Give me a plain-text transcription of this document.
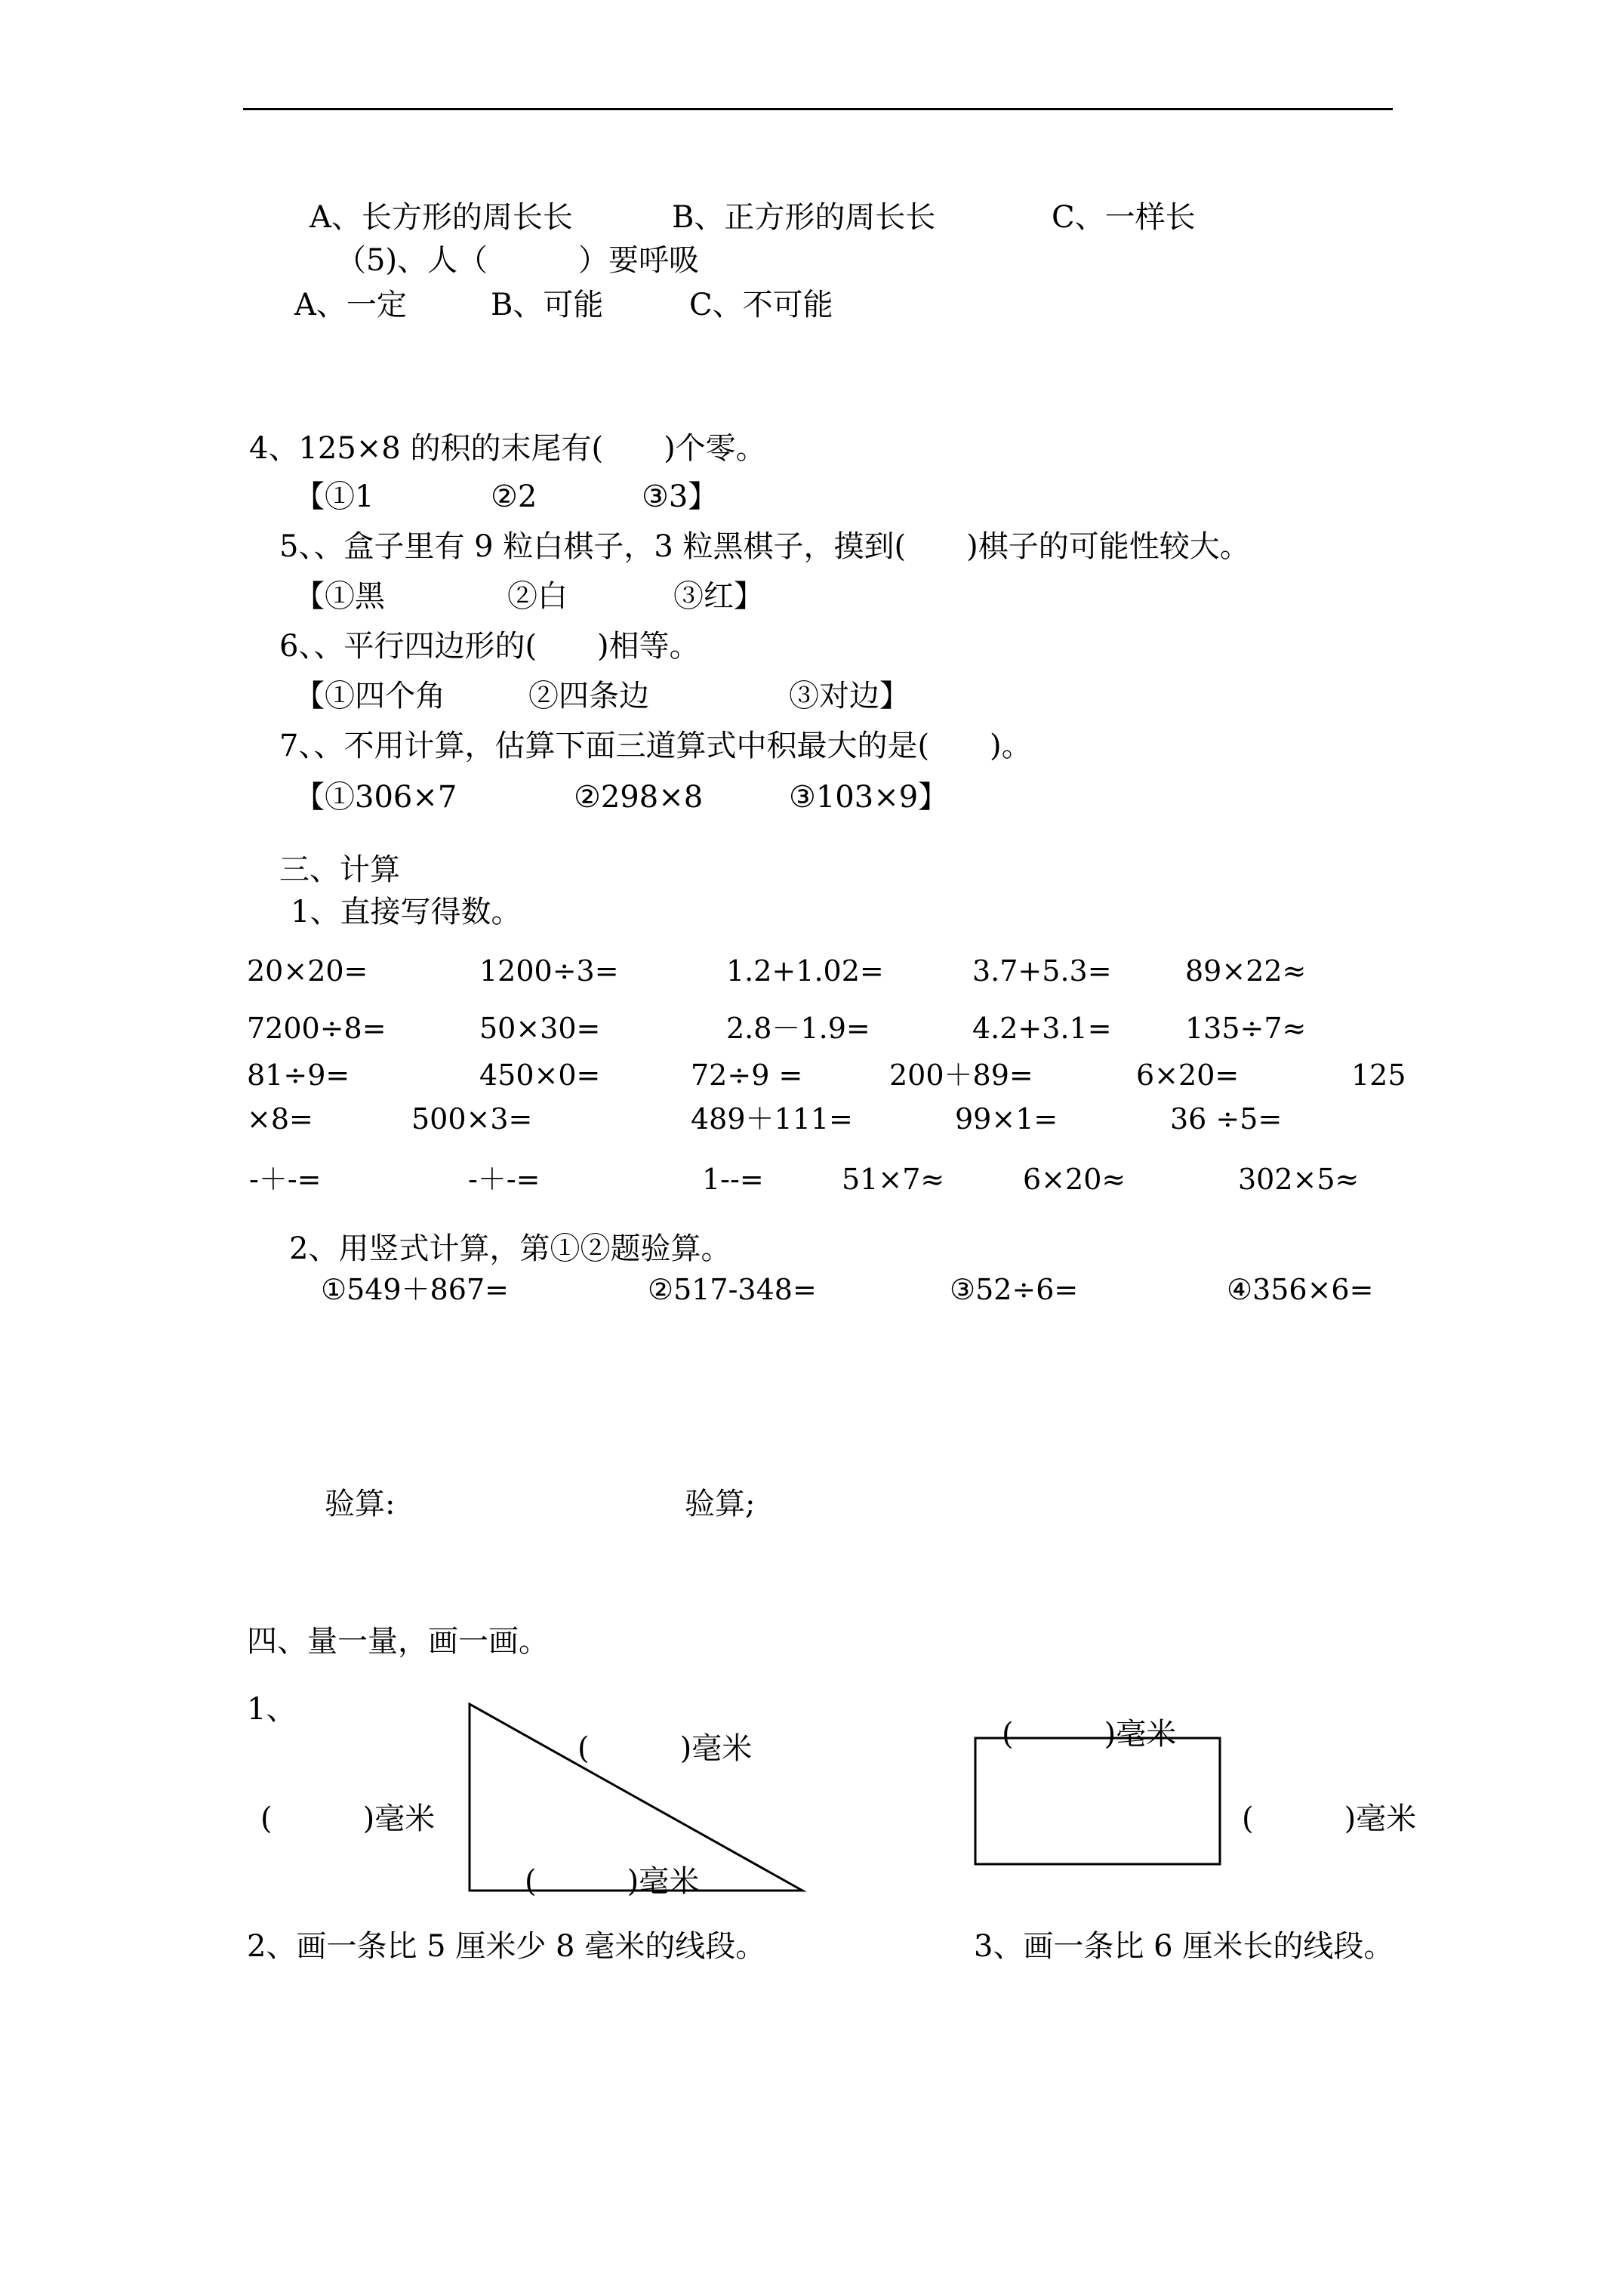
A、长方形的周长长	B、正方形的周长长	C、一样长
（5)、人（　　　）要呼吸
A、一定	B、可能	C、不可能
4、125×8 的积的末尾有(　　)个零。
【①1	②2	③3】
5、、盒子里有 9 粒白棋子，3 粒黑棋子，摸到(　　)棋子的可能性较大。
【①黑	②白	③红】
6、、平行四边形的(　　)相等。
【①四个角	②四条边	③对边】
7、、不用计算，估算下面三道算式中积最大的是(　　)。
【①306×7	②298×8	③103×9】
三、计算
1、直接写得数。
20×20=	1200÷3=	1.2+1.02=	3.7+5.3=	89×22≈
7200÷8=	50×30=	2.8－1.9=	4.2+3.1=	135÷7≈
81÷9=	450×0=	72÷9 =	200＋89=	6×20=	125
×8=	500×3=	489＋111=	99×1=	36 ÷5=
-＋-=	-＋-=	1--=	51×7≈	6×20≈	302×5≈
2、用竖式计算，第①②题验算。
①549＋867=	②517-348=	③52÷6=	④356×6=
验算:	验算;
四、量一量，画一画。
1、
(　　　)毫米
(　　　)毫米
(　　　)毫米
(　　　)毫米
(　　　)毫米
2、画一条比 5 厘米少 8 毫米的线段。	3、画一条比 6 厘米长的线段。
